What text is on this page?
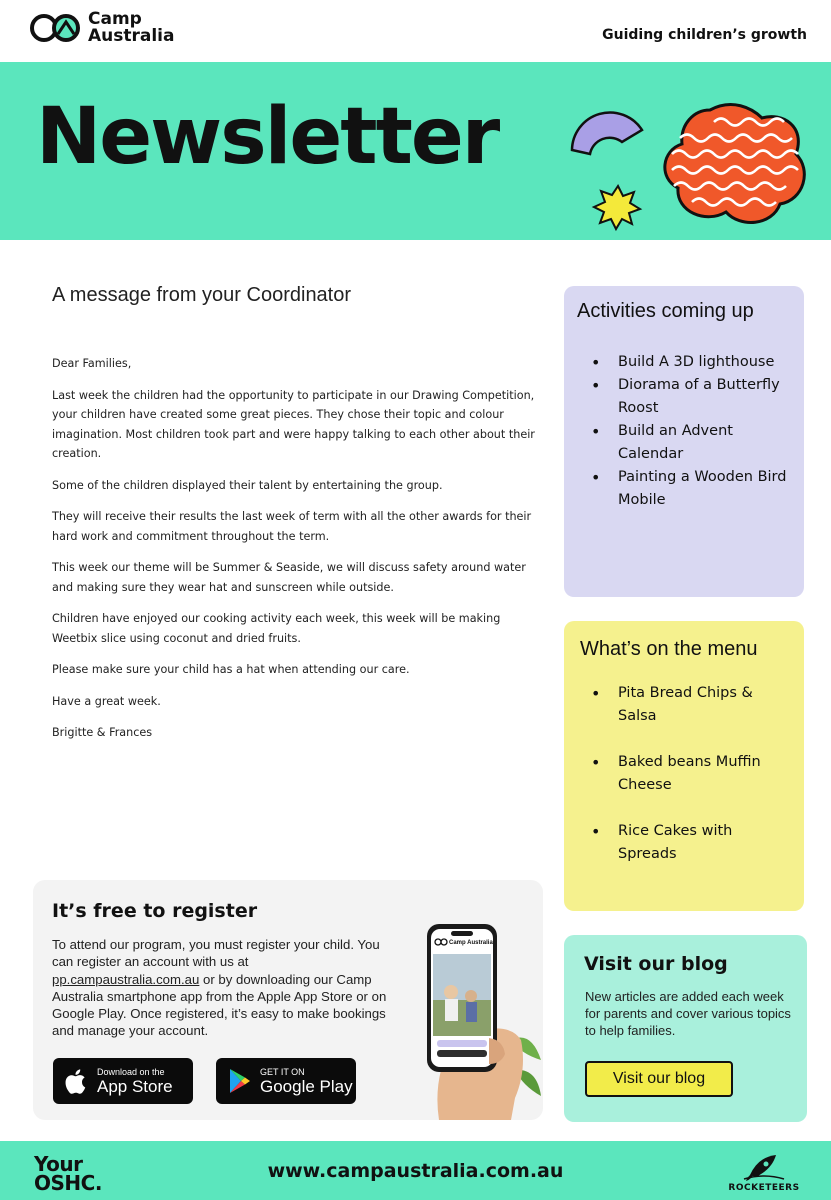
Camp
Australia	Guiding children’s growth
Newsletter
A message from your Coordinator

Dear Families,

Last week the children had the opportunity to participate in our Drawing Competition, your children have created some great pieces. They chose their topic and colour imagination. Most children took part and were happy talking to each other about their creation.

Some of the children displayed their talent by entertaining the group.

They will receive their results the last week of term with all the other awards for their hard work and commitment throughout the term.

This week our theme will be Summer & Seaside, we will discuss safety around water and making sure they wear hat and sunscreen while outside.

Children have enjoyed our cooking activity each week, this week will be making Weetbix slice using coconut and dried fruits.

Please make sure your child has a hat when attending our care.

Have a great week.

Brigitte & Frances

Activities coming up
• Build A 3D lighthouse
• Diorama of a Butterfly Roost
• Build an Advent Calendar
• Painting a Wooden Bird Mobile
What’s on the menu
• Pita Bread Chips & Salsa
• Baked beans Muffin Cheese
• Rice Cakes with Spreads
It’s free to register
To attend our program, you must register your child. You can register an account with us at pp.campaustralia.com.au or by downloading our Camp Australia smartphone app from the Apple App Store or on Google Play. Once registered, it’s easy to make bookings and manage your account.
Download on the
App Store
GET IT ON
Google Play
Camp Australia
Visit our blog
New articles are added each week for parents and cover various topics to help families.
Visit our blog
Your
OSHC.	www.campaustralia.com.au
ROCKETEERS
